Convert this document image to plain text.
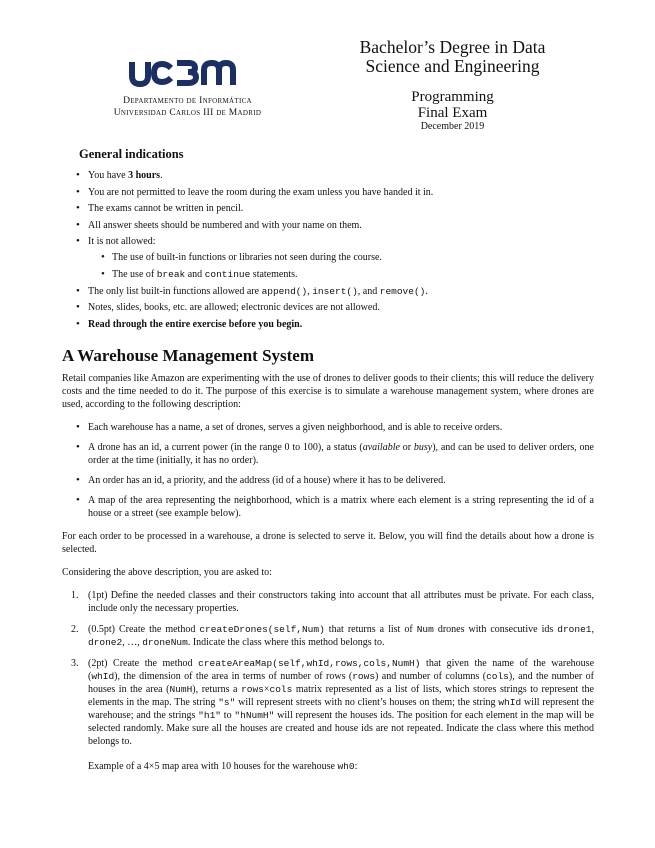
Departamento de Informática
Universidad Carlos III de Madrid
Bachelor’s Degree in Data
Science and Engineering
Programming
Final Exam
December 2019
General indications
• You have 3 hours.
• You are not permitted to leave the room during the exam unless you have handed it in.
• The exams cannot be written in pencil.
• All answer sheets should be numbered and with your name on them.
• It is not allowed:
• The use of built-in functions or libraries not seen during the course.
• The use of break and continue statements.
• The only list built-in functions allowed are append(), insert(), and remove().
• Notes, slides, books, etc. are allowed; electronic devices are not allowed.
• Read through the entire exercise before you begin.
A Warehouse Management System

Retail companies like Amazon are experimenting with the use of drones to deliver goods to their clients; this will reduce the delivery costs and the time needed to do it. The purpose of this exercise is to simulate a warehouse management system, where drones are used, according to the following description:

• Each warehouse has a name, a set of drones, serves a given neighborhood, and is able to receive orders.
• A drone has an id, a current power (in the range 0 to 100), a status (available or busy), and can be used to deliver orders, one order at the time (initially, it has no order).
• An order has an id, a priority, and the address (id of a house) where it has to be delivered.
• A map of the area representing the neighborhood, which is a matrix where each element is a string representing the id of a house or a street (see example below).

For each order to be processed in a warehouse, a drone is selected to serve it. Below, you will find the details about how a drone is selected.

Considering the above description, you are asked to:

1. (1pt) Define the needed classes and their constructors taking into account that all attributes must be private. For each class, include only the necessary properties.
2. (0.5pt) Create the method createDrones(self,Num) that returns a list of Num drones with consecutive ids drone1, drone2, …, droneNum. Indicate the class where this method belongs to.
3. (2pt) Create the method createAreaMap(self,whId,rows,cols,NumH) that given the name of the warehouse (whId), the dimension of the area in terms of number of rows (rows) and number of columns (cols), and the number of houses in the area (NumH), returns a rows×cols matrix represented as a list of lists, which stores strings to represent the elements in the map. The string "s" will represent streets with no client’s houses on them; the string whId will represent the warehouse; and the strings "h1" to "hNumH" will represent the houses ids. The position for each element in the map will be selected randomly. Make sure all the houses are created and house ids are not repeated. Indicate the class where this method belongs to.

Example of a 4×5 map area with 10 houses for the warehouse wh0:
